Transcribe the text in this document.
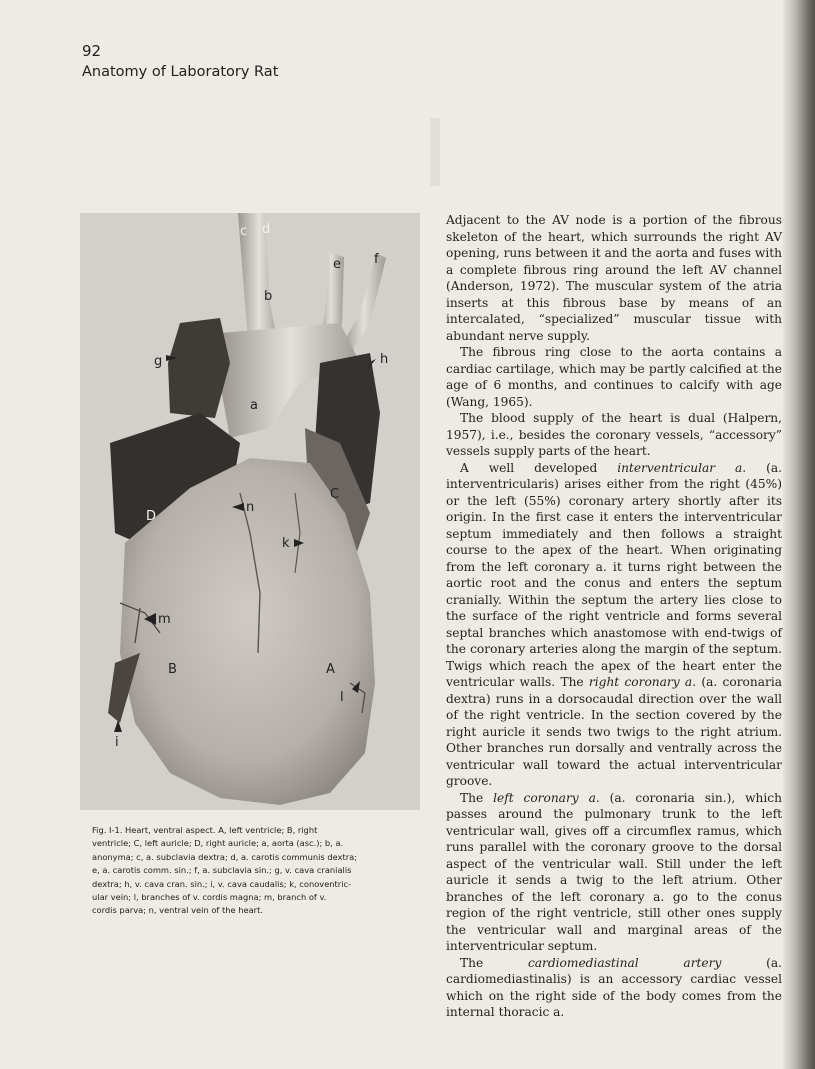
92
Anatomy of Laboratory Rat
c d
b
e	f
g	h
a
C
D
n
k
m
B	A
l
i
Fig. I-1. Heart, ventral aspect. A, left ventricle; B, right
ventricle; C, left auricle; D, right auricle; a, aorta (asc.); b, a.
anonyma; c, a. subclavia dextra; d, a. carotis communis dextra;
e, a. carotis comm. sin.; f, a. subclavia sin.; g, v. cava cranialis
dextra; h, v. cava cran. sin.; i, v. cava caudalis; k, conoventric-
ular vein; l, branches of v. cordis magna; m, branch of v.
cordis parva; n, ventral vein of the heart.

Adjacent to the AV node is a portion of the fibrous skeleton of the heart, which surrounds the right AV opening, runs between it and the aorta and fuses with a complete fibrous ring around the left AV channel (Anderson, 1972). The muscular system of the atria inserts at this fibrous base by means of an intercalated, “specialized” muscular tissue with abundant nerve supply.

The fibrous ring close to the aorta contains a cardiac cartilage, which may be partly calcified at the age of 6 months, and continues to calcify with age (Wang, 1965).

The blood supply of the heart is dual (Halpern, 1957), i.e., besides the coronary vessels, “accessory” vessels supply parts of the heart.

A well developed interventricular a. (a. interventricularis) arises either from the right (45%) or the left (55%) coronary artery shortly after its origin. In the first case it enters the interventricular septum immediately and then follows a straight course to the apex of the heart. When originating from the left coronary a. it turns right between the aortic root and the conus and enters the septum cranially. Within the septum the artery lies close to the surface of the right ventricle and forms several septal branches which anastomose with end-twigs of the coronary arteries along the margin of the septum. Twigs which reach the apex of the heart enter the ventricular walls. The right coronary a. (a. coronaria dextra) runs in a dorsocaudal direction over the wall of the right ventricle. In the section covered by the right auricle it sends two twigs to the right atrium. Other branches run dorsally and ventrally across the ventricular wall toward the actual interventricular groove.

The left coronary a. (a. coronaria sin.), which passes around the pulmonary trunk to the left ventricular wall, gives off a circumflex ramus, which runs parallel with the coronary groove to the dorsal aspect of the ventricular wall. Still under the left auricle it sends a twig to the left atrium. Other branches of the left coronary a. go to the conus region of the right ventricle, still other ones supply the ventricular wall and marginal areas of the interventricular septum.

The cardiomediastinal artery (a. cardiomediastinalis) is an accessory cardiac vessel which on the right side of the body comes from the internal thoracic a.
